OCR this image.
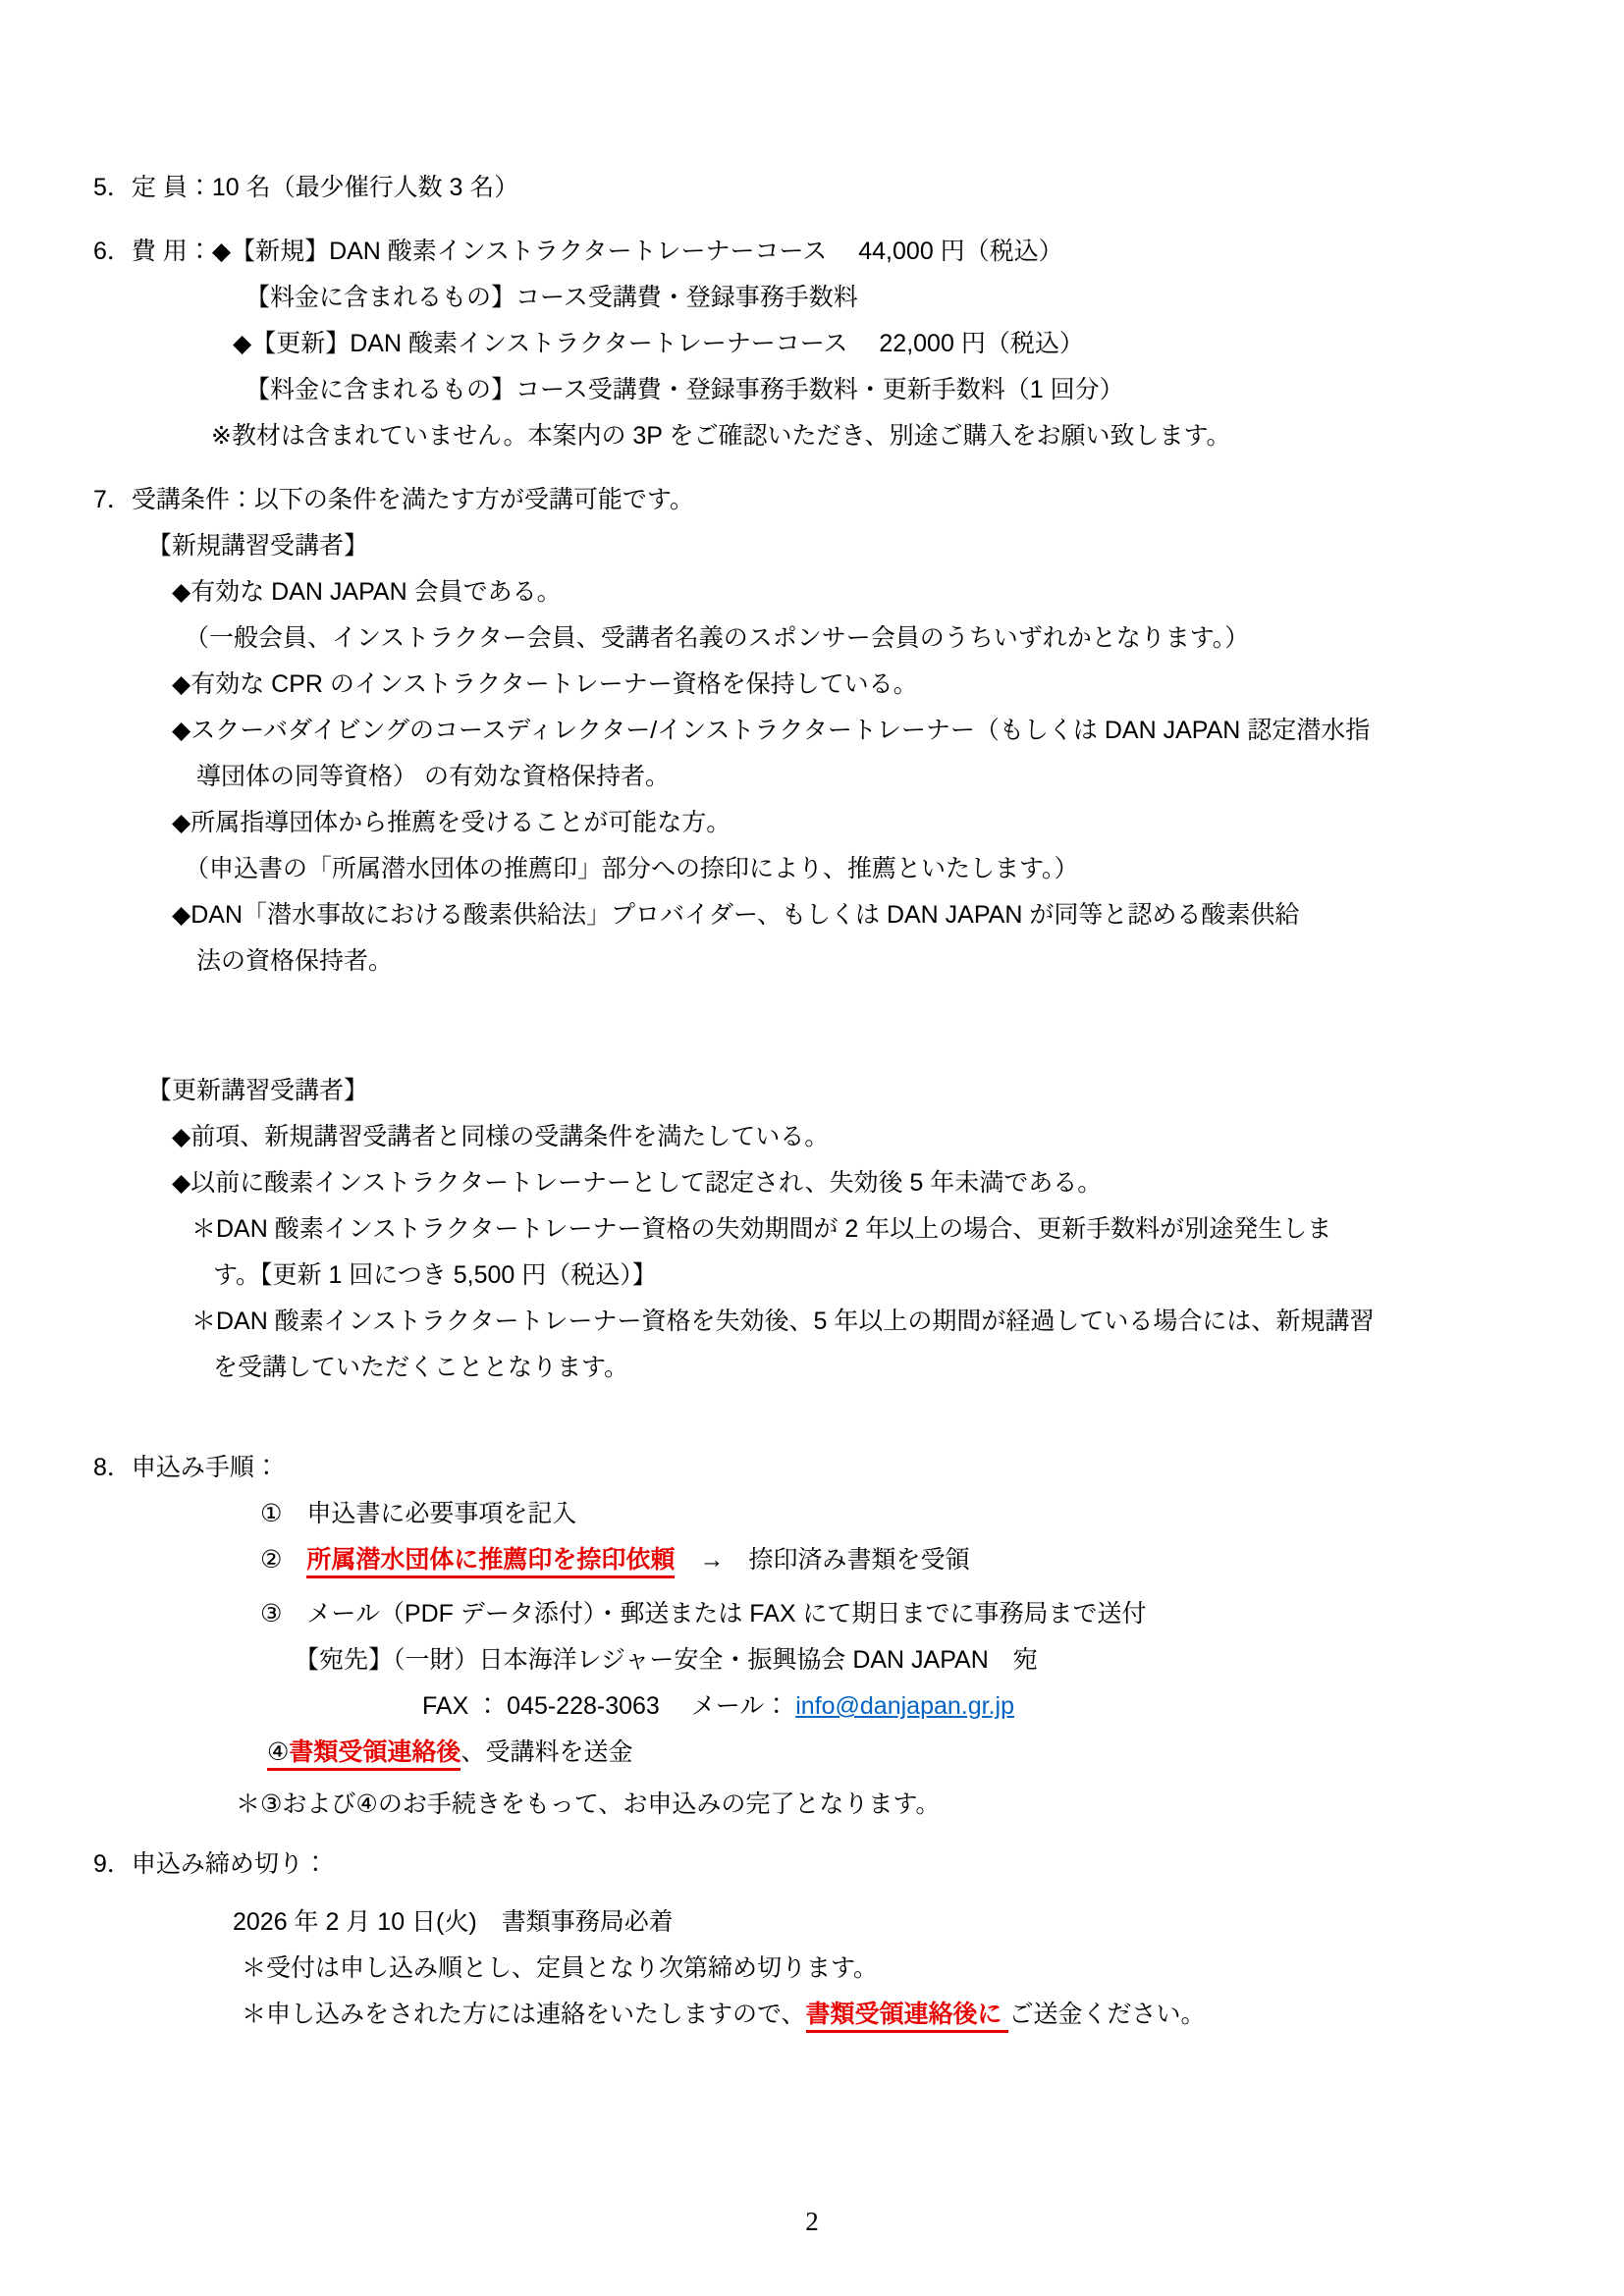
5．定 員：10 名（最少催行人数 3 名）
6．費 用：◆【新規】DAN 酸素インストラクタートレーナーコース　 44,000 円（税込）
【料金に含まれるもの】コース受講費・登録事務手数料
◆【更新】DAN 酸素インストラクタートレーナーコース　 22,000 円（税込）
【料金に含まれるもの】コース受講費・登録事務手数料・更新手数料（1 回分）
※教材は含まれていません。本案内の 3P をご確認いただき、別途ご購入をお願い致します。
7．受講条件：以下の条件を満たす方が受講可能です。
【新規講習受講者】
◆有効な DAN JAPAN 会員である。
（一般会員、インストラクター会員、受講者名義のスポンサー会員のうちいずれかとなります。）
◆有効な CPR のインストラクタートレーナー資格を保持している。
◆スクーバダイビングのコースディレクター/インストラクタートレーナー（もしくは DAN JAPAN 認定潜水指
導団体の同等資格） の有効な資格保持者。
◆所属指導団体から推薦を受けることが可能な方。
（申込書の「所属潜水団体の推薦印」部分への捺印により、推薦といたします。）
◆DAN「潜水事故における酸素供給法」プロバイダー、もしくは DAN JAPAN が同等と認める酸素供給
法の資格保持者。
【更新講習受講者】
◆前項、新規講習受講者と同様の受講条件を満たしている。
◆以前に酸素インストラクタートレーナーとして認定され、失効後 5 年未満である。
＊DAN 酸素インストラクタートレーナー資格の失効期間が 2 年以上の場合、更新手数料が別途発生しま
す。【更新 1 回につき 5,500 円（税込）】
＊DAN 酸素インストラクタートレーナー資格を失効後、5 年以上の期間が経過している場合には、新規講習
を受講していただくこととなります。
8．申込み手順：
①　申込書に必要事項を記入
②　所属潜水団体に推薦印を捺印依頼　→　捺印済み書類を受領
③　メール（PDF データ添付）・郵送または FAX にて期日までに事務局まで送付
【宛先】（一財）日本海洋レジャー安全・振興協会 DAN JAPAN　宛
FAX ： 045-228-3063　 メール： info@danjapan.gr.jp
④書類受領連絡後、受講料を送金
＊③および④のお手続きをもって、お申込みの完了となります。
9．申込み締め切り：
2026 年 2 月 10 日(火)　書類事務局必着
＊受付は申し込み順とし、定員となり次第締め切ります。
＊申し込みをされた方には連絡をいたしますので、書類受領連絡後に ご送金ください。
2
